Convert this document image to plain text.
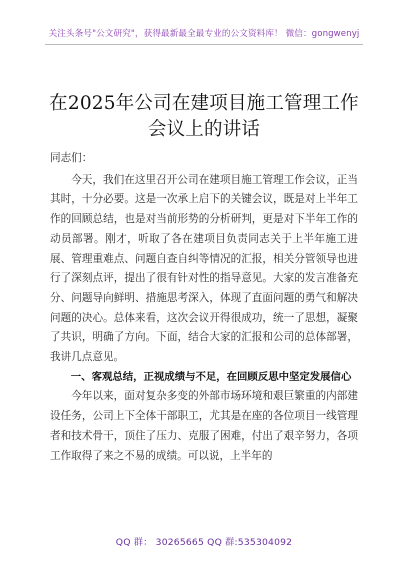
关注头条号"公文研究"，获得最新最全最专业的公文资料库！ 微信：gongwenyj
在2025年公司在建项目施工管理工作会议上的讲话

同志们：

今天，我们在这里召开公司在建项目施工管理工作会议，正当其时，十分必要。这是一次承上启下的关键会议，既是对上半年工作的回顾总结，也是对当前形势的分析研判，更是对下半年工作的动员部署。刚才，听取了各在建项目负责同志关于上半年施工进展、管理重难点、问题自查自纠等情况的汇报，相关分管领导也进行了深刻点评，提出了很有针对性的指导意见。大家的发言准备充分、问题导向鲜明、措施思考深入，体现了直面问题的勇气和解决问题的决心。总体来看，这次会议开得很成功，统一了思想，凝聚了共识，明确了方向。下面，结合大家的汇报和公司的总体部署，我讲几点意见。

一、客观总结，正视成绩与不足，在回顾反思中坚定发展信心

今年以来，面对复杂多变的外部市场环境和艰巨繁重的内部建设任务，公司上下全体干部职工，尤其是在座的各位项目一线管理者和技术骨干，顶住了压力、克服了困难，付出了艰辛努力，各项工作取得了来之不易的成绩。可以说，上半年的

QQ 群： 30265665 QQ 群:535304092
